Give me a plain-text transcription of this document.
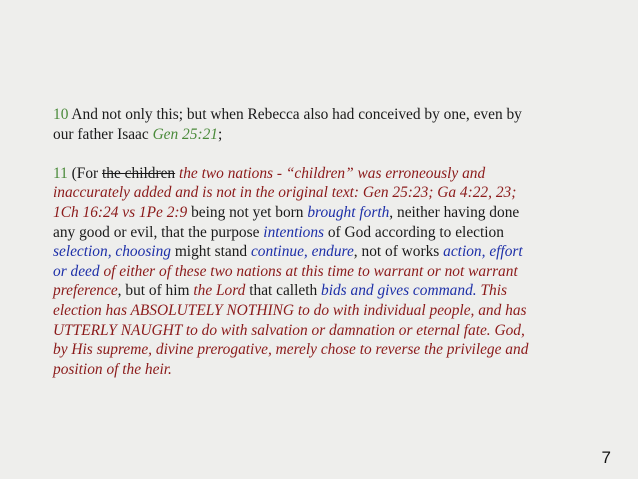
10 And not only this; but when Rebecca also had conceived by one, even by our father Isaac Gen 25:21;

11 (For the children the two nations - “children” was erroneously and inaccurately added and is not in the original text: Gen 25:23; Ga 4:22, 23; 1Ch 16:24 vs 1Pe 2:9 being not yet born brought forth, neither having done any good or evil, that the purpose intentions of God according to election selection, choosing might stand continue, endure, not of works action, effort or deed of either of these two nations at this time to warrant or not warrant preference, but of him the Lord that calleth bids and gives command. This election has ABSOLUTELY NOTHING to do with individual people, and has UTTERLY NAUGHT to do with salvation or damnation or eternal fate. God, by His supreme, divine prerogative, merely chose to reverse the privilege and position of the heir.

7
